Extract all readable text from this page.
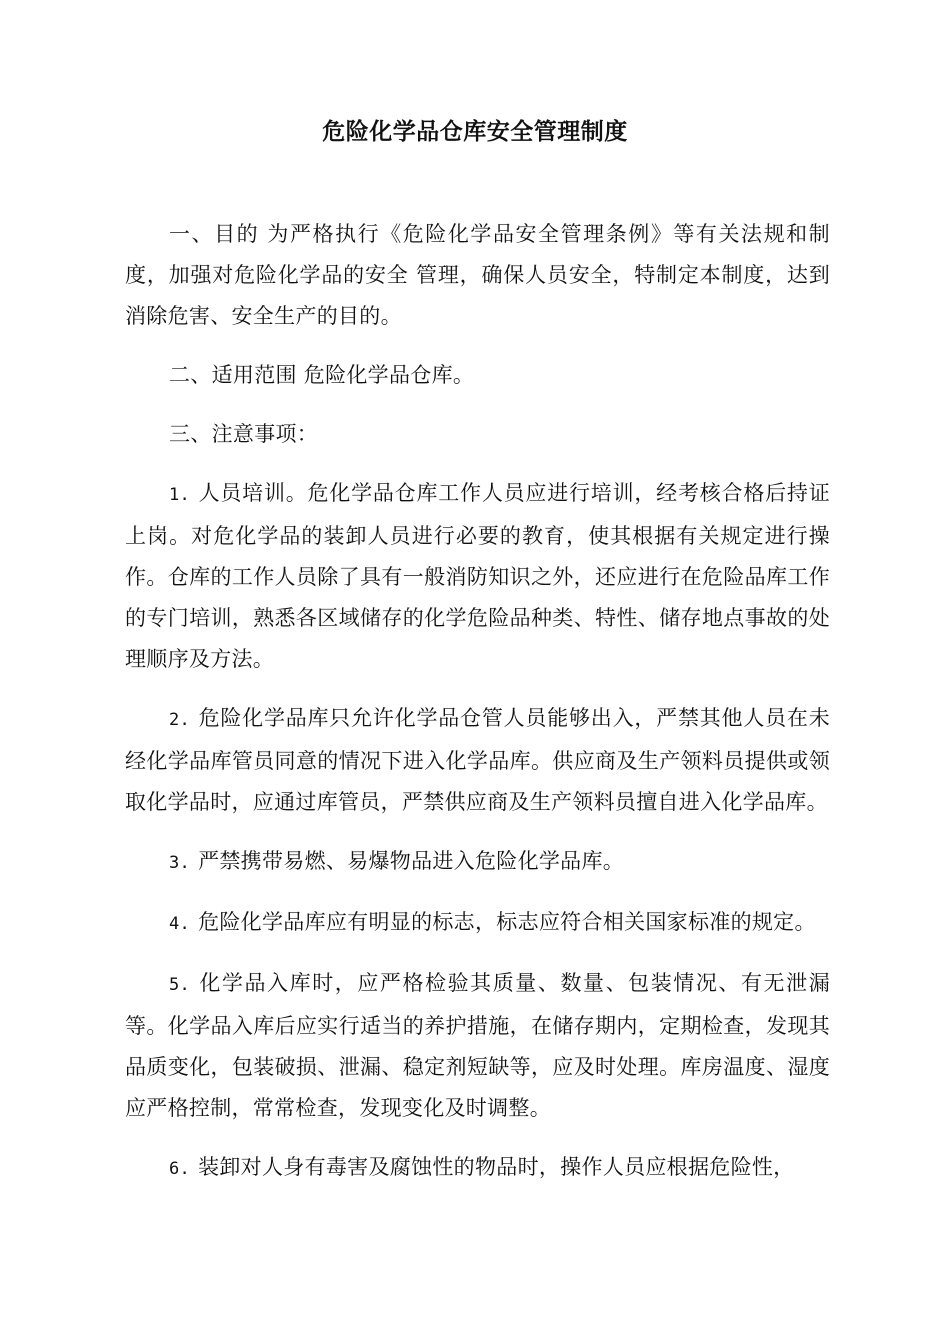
危险化学品仓库安全管理制度

一、目的 为严格执行《危险化学品安全管理条例》等有关法规和制度，加强对危险化学品的安全 管理，确保人员安全，特制定本制度，达到消除危害、安全生产的目的。

二、适用范围 危险化学品仓库。

三、注意事项：

1. 人员培训。危化学品仓库工作人员应进行培训，经考核合格后持证上岗。对危化学品的装卸人员进行必要的教育，使其根据有关规定进行操作。仓库的工作人员除了具有一般消防知识之外，还应进行在危险品库工作的专门培训，熟悉各区域储存的化学危险品种类、特性、储存地点事故的处理顺序及方法。

2. 危险化学品库只允许化学品仓管人员能够出入，严禁其他人员在未经化学品库管员同意的情况下进入化学品库。供应商及生产领料员提供或领取化学品时，应通过库管员，严禁供应商及生产领料员擅自进入化学品库。

3. 严禁携带易燃、易爆物品进入危险化学品库。

4. 危险化学品库应有明显的标志，标志应符合相关国家标准的规定。

5. 化学品入库时，应严格检验其质量、数量、包装情况、有无泄漏等。化学品入库后应实行适当的养护措施，在储存期内，定期检查，发现其品质变化，包装破损、泄漏、稳定剂短缺等，应及时处理。库房温度、湿度应严格控制，常常检查，发现变化及时调整。

6. 装卸对人身有毒害及腐蚀性的物品时，操作人员应根据危险性，
